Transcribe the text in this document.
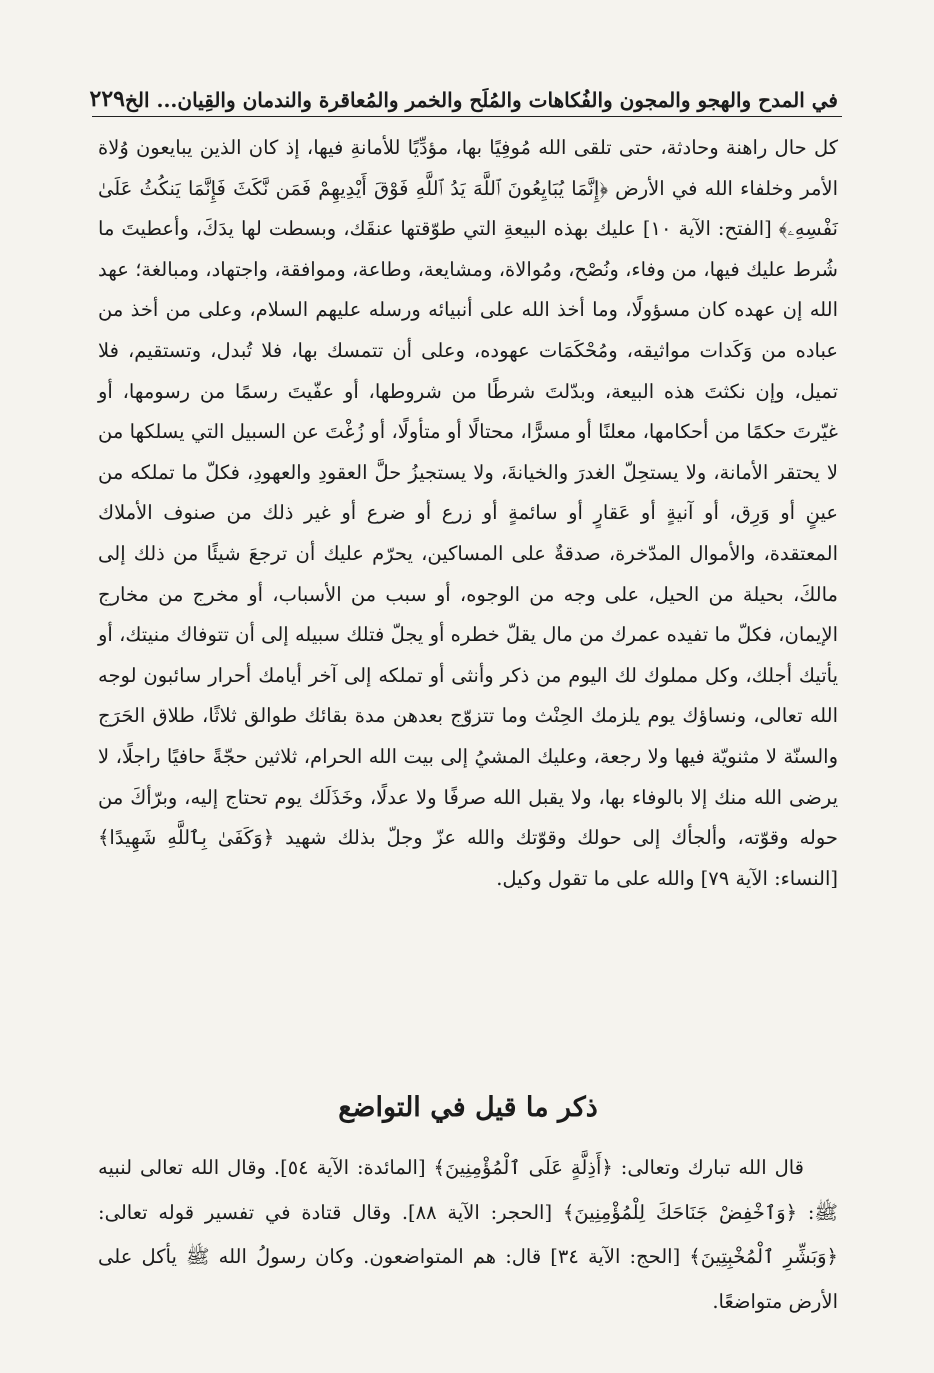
في المدح والهجو والمجون والفُكاهات والمُلَح والخمر والمُعاقرة والندمان والقِيان... الخ
٢٢٩

كل حال راهنة وحادثة، حتى تلقى الله مُوفِيًا بها، مؤدِّيًا للأمانةِ فيها، إذ كان الذين يبايعون وُلاة الأمر وخلفاء الله في الأرض ﴿إِنَّمَا يُبَايِعُونَ ٱللَّهَ يَدُ ٱللَّهِ فَوْقَ أَيْدِيهِمْ فَمَن نَّكَثَ فَإِنَّمَا يَنكُثُ عَلَىٰ نَفْسِهِۦ﴾ [الفتح: الآية ١٠] عليك بهذه البيعةِ التي طوّقتها عنقَك، وبسطت لها يدَكَ، وأعطيتَ ما شُرط عليك فيها، من وفاء، ونُصْح، ومُوالاة، ومشايعة، وطاعة، وموافقة، واجتهاد، ومبالغة؛ عهد الله إن عهده كان مسؤولًا، وما أخذ الله على أنبيائه ورسله عليهم السلام، وعلى من أخذ من عباده من وَكَدات مواثيقه، ومُحْكَمَات عهوده، وعلى أن تتمسك بها، فلا تُبدل، وتستقيم، فلا تميل، وإن نكثتَ هذه البيعة، وبدّلتَ شرطًا من شروطها، أو عفّيتَ رسمًا من رسومها، أو غيّرتَ حكمًا من أحكامها، معلنًا أو مسرًّا، محتالًا أو متأولًا، أو زُغْتَ عن السبيل التي يسلكها من لا يحتقر الأمانة، ولا يستحِلّ الغدرَ والخيانةَ، ولا يستجيزُ حلَّ العقودِ والعهودِ، فكلّ ما تملكه من عينٍ أو وَرِق، أو آنيةٍ أو عَقارٍ أو سائمةٍ أو زرع أو ضرع أو غير ذلك من صنوف الأملاك المعتقدة، والأموال المدّخرة، صدقةٌ على المساكين، يحرّم عليك أن ترجعَ شيئًا من ذلك إلى مالكَ، بحيلة من الحيل، على وجه من الوجوه، أو سبب من الأسباب، أو مخرج من مخارج الإيمان، فكلّ ما تفيده عمرك من مال يقلّ خطره أو يجلّ فتلك سبيله إلى أن تتوفاك منيتك، أو يأتيك أجلك، وكل مملوك لك اليوم من ذكر وأنثى أو تملكه إلى آخر أيامك أحرار سائبون لوجه الله تعالى، ونساؤك يوم يلزمك الحِنْث وما تتزوّج بعدهن مدة بقائك طوالق ثلاثًا، طلاق الحَرَج والسنّة لا مثنويّة فيها ولا رجعة، وعليك المشيُ إلى بيت الله الحرام، ثلاثين حجّةً حافيًا راجلًا، لا يرضى الله منك إلا بالوفاء بها، ولا يقبل الله صرفًا ولا عدلًا، وخَذَلَك يوم تحتاج إليه، وبرّأكَ من حوله وقوّته، وألجأك إلى حولك وقوّتك والله عزّ وجلّ بذلك شهيد ﴿وَكَفَىٰ بِٱللَّهِ شَهِيدًا﴾ [النساء: الآية ٧٩] والله على ما تقول وكيل.

ذكر ما قيل في التواضع

قال الله تبارك وتعالى: ﴿أَذِلَّةٍ عَلَى ٱلْمُؤْمِنِينَ﴾ [المائدة: الآية ٥٤]. وقال الله تعالى لنبيه ﷺ: ﴿وَٱخْفِضْ جَنَاحَكَ لِلْمُؤْمِنِينَ﴾ [الحجر: الآية ٨٨]. وقال قتادة في تفسير قوله تعالى: ﴿وَبَشِّرِ ٱلْمُخْبِتِينَ﴾ [الحج: الآية ٣٤] قال: هم المتواضعون. وكان رسولُ الله ﷺ يأكل على الأرض متواضعًا.
